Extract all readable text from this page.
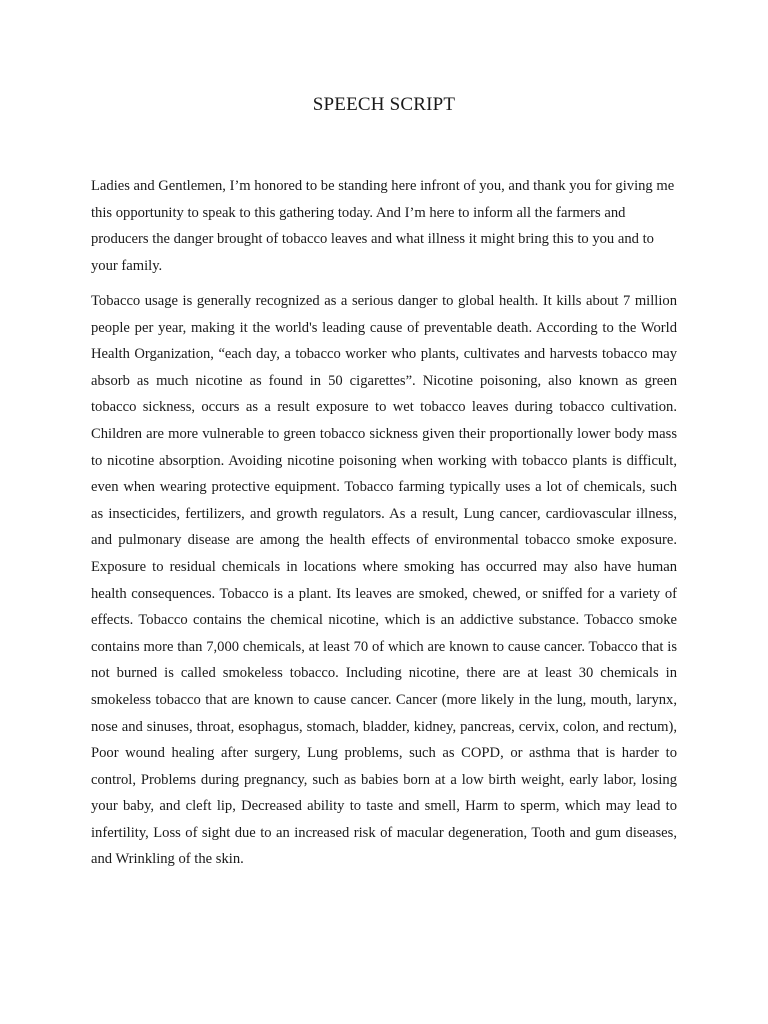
SPEECH SCRIPT

Ladies and Gentlemen, I’m honored to be standing here infront of you, and thank you for giving me this opportunity to speak to this gathering today. And I’m here to inform all the farmers and producers the danger brought of tobacco leaves and what illness it might bring this to you and to your family.

Tobacco usage is generally recognized as a serious danger to global health. It kills about 7 million people per year, making it the world's leading cause of preventable death. According to the World Health Organization, “each day, a tobacco worker who plants, cultivates and harvests tobacco may absorb as much nicotine as found in 50 cigarettes”. Nicotine poisoning, also known as green tobacco sickness, occurs as a result exposure to wet tobacco leaves during tobacco cultivation. Children are more vulnerable to green tobacco sickness given their proportionally lower body mass to nicotine absorption. Avoiding nicotine poisoning when working with tobacco plants is difficult, even when wearing protective equipment. Tobacco farming typically uses a lot of chemicals, such as insecticides, fertilizers, and growth regulators. As a result, Lung cancer, cardiovascular illness, and pulmonary disease are among the health effects of environmental tobacco smoke exposure. Exposure to residual chemicals in locations where smoking has occurred may also have human health consequences. Tobacco is a plant. Its leaves are smoked, chewed, or sniffed for a variety of effects. Tobacco contains the chemical nicotine, which is an addictive substance. Tobacco smoke contains more than 7,000 chemicals, at least 70 of which are known to cause cancer. Tobacco that is not burned is called smokeless tobacco. Including nicotine, there are at least 30 chemicals in smokeless tobacco that are known to cause cancer. Cancer (more likely in the lung, mouth, larynx, nose and sinuses, throat, esophagus, stomach, bladder, kidney, pancreas, cervix, colon, and rectum), Poor wound healing after surgery, Lung problems, such as COPD, or asthma that is harder to control, Problems during pregnancy, such as babies born at a low birth weight, early labor, losing your baby, and cleft lip, Decreased ability to taste and smell, Harm to sperm, which may lead to infertility, Loss of sight due to an increased risk of macular degeneration, Tooth and gum diseases, and Wrinkling of the skin.
